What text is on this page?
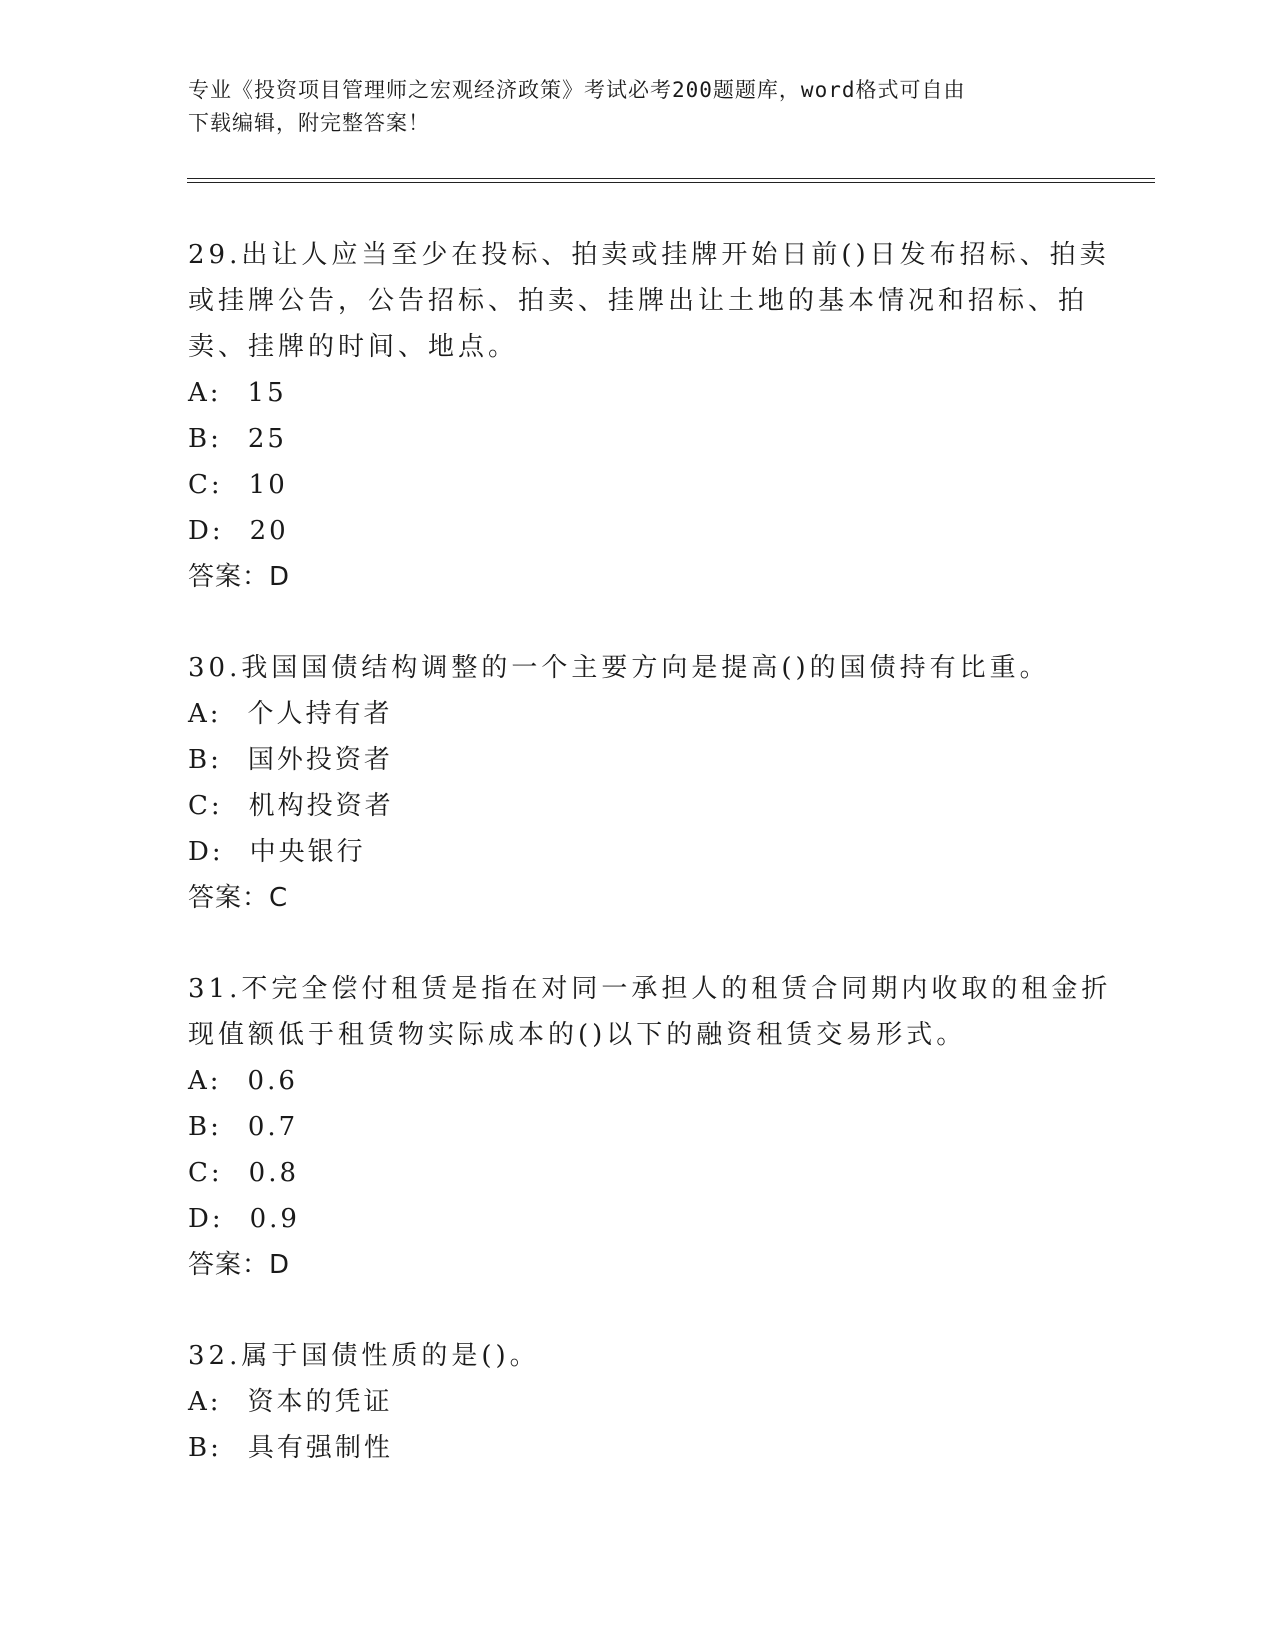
专业《投资项目管理师之宏观经济政策》考试必考200题题库，word格式可自由
下载编辑，附完整答案！
29.出让人应当至少在投标、拍卖或挂牌开始日前()日发布招标、拍卖
或挂牌公告，公告招标、拍卖、挂牌出让土地的基本情况和招标、拍
卖、挂牌的时间、地点。
A: 15
B: 25
C: 10
D: 20
答案：D
30.我国国债结构调整的一个主要方向是提高()的国债持有比重。
A: 个人持有者
B: 国外投资者
C: 机构投资者
D: 中央银行
答案：C
31.不完全偿付租赁是指在对同一承担人的租赁合同期内收取的租金折
现值额低于租赁物实际成本的()以下的融资租赁交易形式。
A: 0.6
B: 0.7
C: 0.8
D: 0.9
答案：D
32.属于国债性质的是()。
A: 资本的凭证
B: 具有强制性
